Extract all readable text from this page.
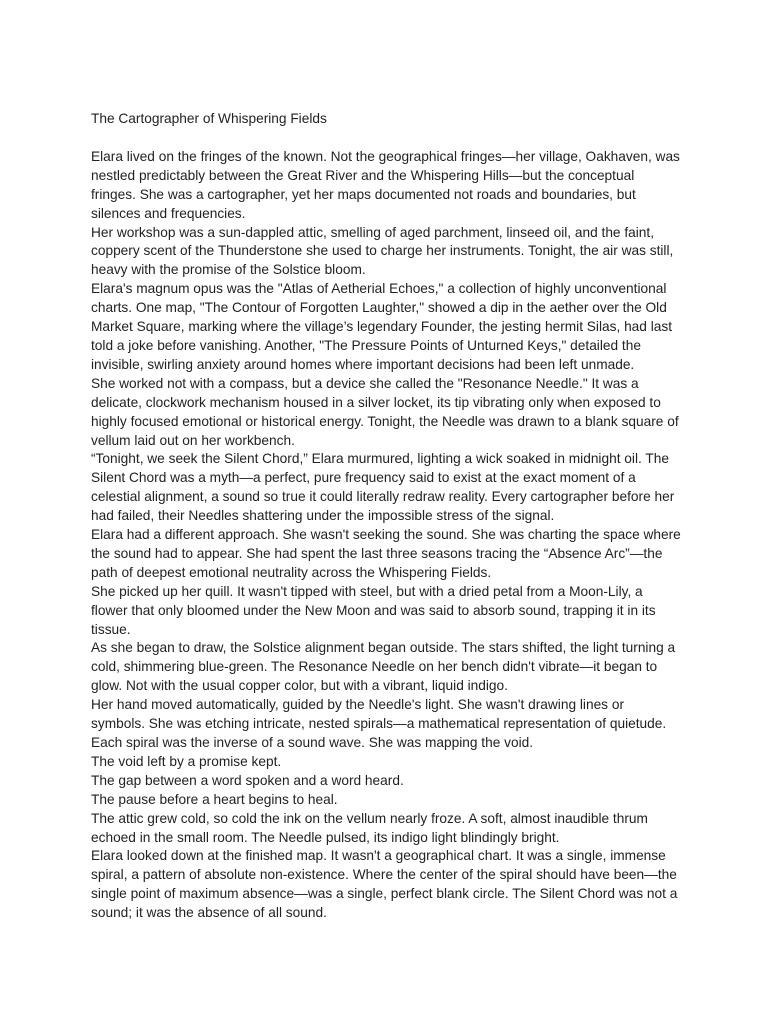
The Cartographer of Whispering Fields

Elara lived on the fringes of the known. Not the geographical fringes—her village, Oakhaven, was nestled predictably between the Great River and the Whispering Hills—but the conceptual fringes. She was a cartographer, yet her maps documented not roads and boundaries, but silences and frequencies.

Her workshop was a sun-dappled attic, smelling of aged parchment, linseed oil, and the faint, coppery scent of the Thunderstone she used to charge her instruments. Tonight, the air was still, heavy with the promise of the Solstice bloom.

Elara's magnum opus was the "Atlas of Aetherial Echoes," a collection of highly unconventional charts. One map, "The Contour of Forgotten Laughter," showed a dip in the aether over the Old Market Square, marking where the village’s legendary Founder, the jesting hermit Silas, had last told a joke before vanishing. Another, "The Pressure Points of Unturned Keys," detailed the invisible, swirling anxiety around homes where important decisions had been left unmade.

She worked not with a compass, but a device she called the "Resonance Needle." It was a delicate, clockwork mechanism housed in a silver locket, its tip vibrating only when exposed to highly focused emotional or historical energy. Tonight, the Needle was drawn to a blank square of vellum laid out on her workbench.

“Tonight, we seek the Silent Chord,” Elara murmured, lighting a wick soaked in midnight oil. The Silent Chord was a myth—a perfect, pure frequency said to exist at the exact moment of a celestial alignment, a sound so true it could literally redraw reality. Every cartographer before her had failed, their Needles shattering under the impossible stress of the signal.

Elara had a different approach. She wasn't seeking the sound. She was charting the space where the sound had to appear. She had spent the last three seasons tracing the “Absence Arc”—the path of deepest emotional neutrality across the Whispering Fields.

She picked up her quill. It wasn't tipped with steel, but with a dried petal from a Moon-Lily, a flower that only bloomed under the New Moon and was said to absorb sound, trapping it in its tissue.

As she began to draw, the Solstice alignment began outside. The stars shifted, the light turning a cold, shimmering blue-green. The Resonance Needle on her bench didn't vibrate—it began to glow. Not with the usual copper color, but with a vibrant, liquid indigo.

Her hand moved automatically, guided by the Needle's light. She wasn't drawing lines or symbols. She was etching intricate, nested spirals—a mathematical representation of quietude. Each spiral was the inverse of a sound wave. She was mapping the void.

The void left by a promise kept.

The gap between a word spoken and a word heard.

The pause before a heart begins to heal.

The attic grew cold, so cold the ink on the vellum nearly froze. A soft, almost inaudible thrum echoed in the small room. The Needle pulsed, its indigo light blindingly bright.

Elara looked down at the finished map. It wasn't a geographical chart. It was a single, immense spiral, a pattern of absolute non-existence. Where the center of the spiral should have been—the single point of maximum absence—was a single, perfect blank circle. The Silent Chord was not a sound; it was the absence of all sound.
